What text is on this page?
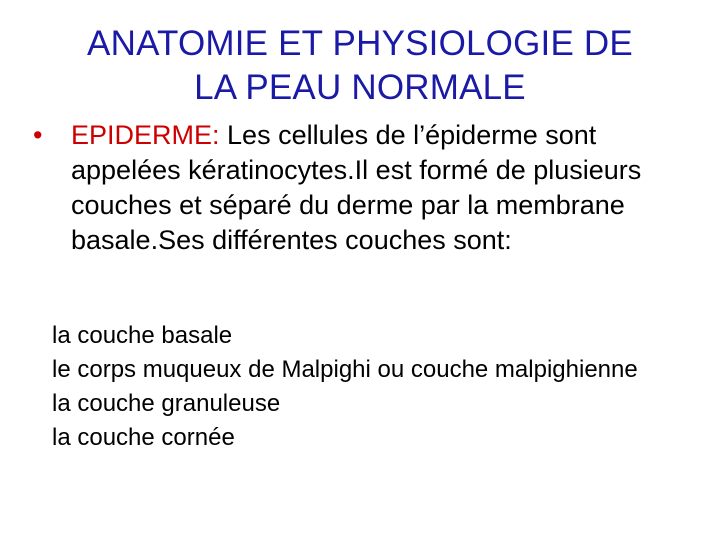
ANATOMIE ET PHYSIOLOGIE DE
LA PEAU NORMALE
•	EPIDERME: Les cellules de l’épiderme sont appelées kératinocytes.Il est formé de plusieurs couches et séparé du derme par la membrane basale.Ses différentes couches sont:
la couche basale
le corps muqueux de Malpighi ou couche malpighienne
la couche granuleuse
la couche cornée
